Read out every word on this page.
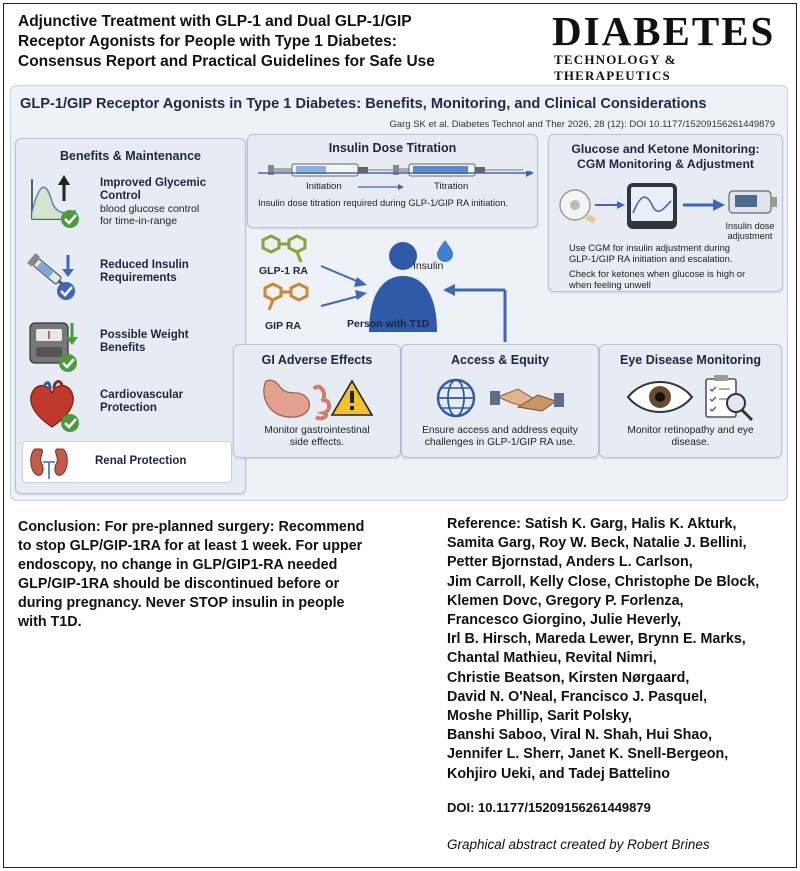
Adjunctive Treatment with GLP-1 and Dual GLP-1/GIP
Receptor Agonists for People with Type 1 Diabetes:
Consensus Report and Practical Guidelines for Safe Use
DIABETES
TECHNOLOGY & THERAPEUTICS
GLP-1/GIP Receptor Agonists in Type 1 Diabetes: Benefits, Monitoring, and Clinical Considerations
Garg SK et al. Diabetes Technol and Ther 2026, 28 (12): DOI 10.1177/15209156261449879
Benefits & Maintenance
Improved Glycemic
Control
blood glucose control
for time-in-range
Reduced Insulin
Requirements
Possible Weight
Benefits
Cardiovascular
Protection
Renal Protection
Insulin Dose Titration
Initiation	Titration
Insulin dose titration required during GLP-1/GIP RA initiation.
Glucose and Ketone Monitoring:
CGM Monitoring & Adjustment
Insulin dose
adjustment
Use CGM for insulin adjustment during
GLP-1/GIP RA initiation and escalation.
Check for ketones when glucose is high or
when feeling unwell
GLP-1 RA
GIP RA
Insulin
Person with T1D
GI Adverse Effects
Monitor gastrointestinal
side effects.
Access & Equity
Ensure access and address equity
challenges in GLP-1/GIP RA use.
Eye Disease Monitoring
Monitor retinopathy and eye
disease.
Conclusion: For pre-planned surgery: Recommend
to stop GLP/GIP-1RA for at least 1 week. For upper
endoscopy, no change in GLP/GIP1-RA needed
GLP/GIP-1RA should be discontinued before or
during pregnancy. Never STOP insulin in people
with T1D.
Reference: Satish K. Garg, Halis K. Akturk,
Samita Garg, Roy W. Beck, Natalie J. Bellini,
Petter Bjornstad, Anders L. Carlson,
Jim Carroll, Kelly Close, Christophe De Block,
Klemen Dovc, Gregory P. Forlenza,
Francesco Giorgino, Julie Heverly,
Irl B. Hirsch, Mareda Lewer, Brynn E. Marks,
Chantal Mathieu, Revital Nimri,
Christie Beatson, Kirsten Nørgaard,
David N. O'Neal, Francisco J. Pasquel,
Moshe Phillip, Sarit Polsky,
Banshi Saboo, Viral N. Shah, Hui Shao,
Jennifer L. Sherr, Janet K. Snell-Bergeon,
Kohjiro Ueki, and Tadej Battelino
DOI: 10.1177/15209156261449879
Graphical abstract created by Robert Brines
